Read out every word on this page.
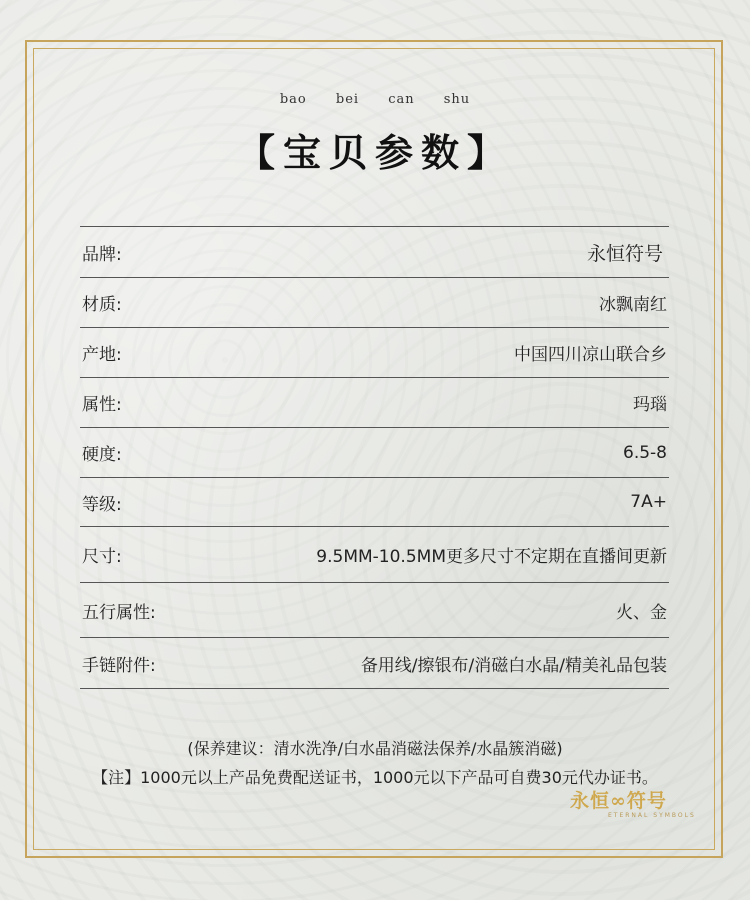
bao bei can shu
【宝贝参数】
品牌:	永恒符号
材质:	冰飘南红
产地:	中国四川凉山联合乡
属性:	玛瑙
硬度:	6.5-8
等级:	7A+
尺寸:	9.5MM-10.5MM更多尺寸不定期在直播间更新
五行属性:	火、金
手链附件:	备用线/擦银布/消磁白水晶/精美礼品包装
(保养建议：清水洗净/白水晶消磁法保养/水晶簇消磁)
【注】1000元以上产品免费配送证书，1000元以下产品可自费30元代办证书。
永恒∞符号
ETERNAL SYMBOLS
